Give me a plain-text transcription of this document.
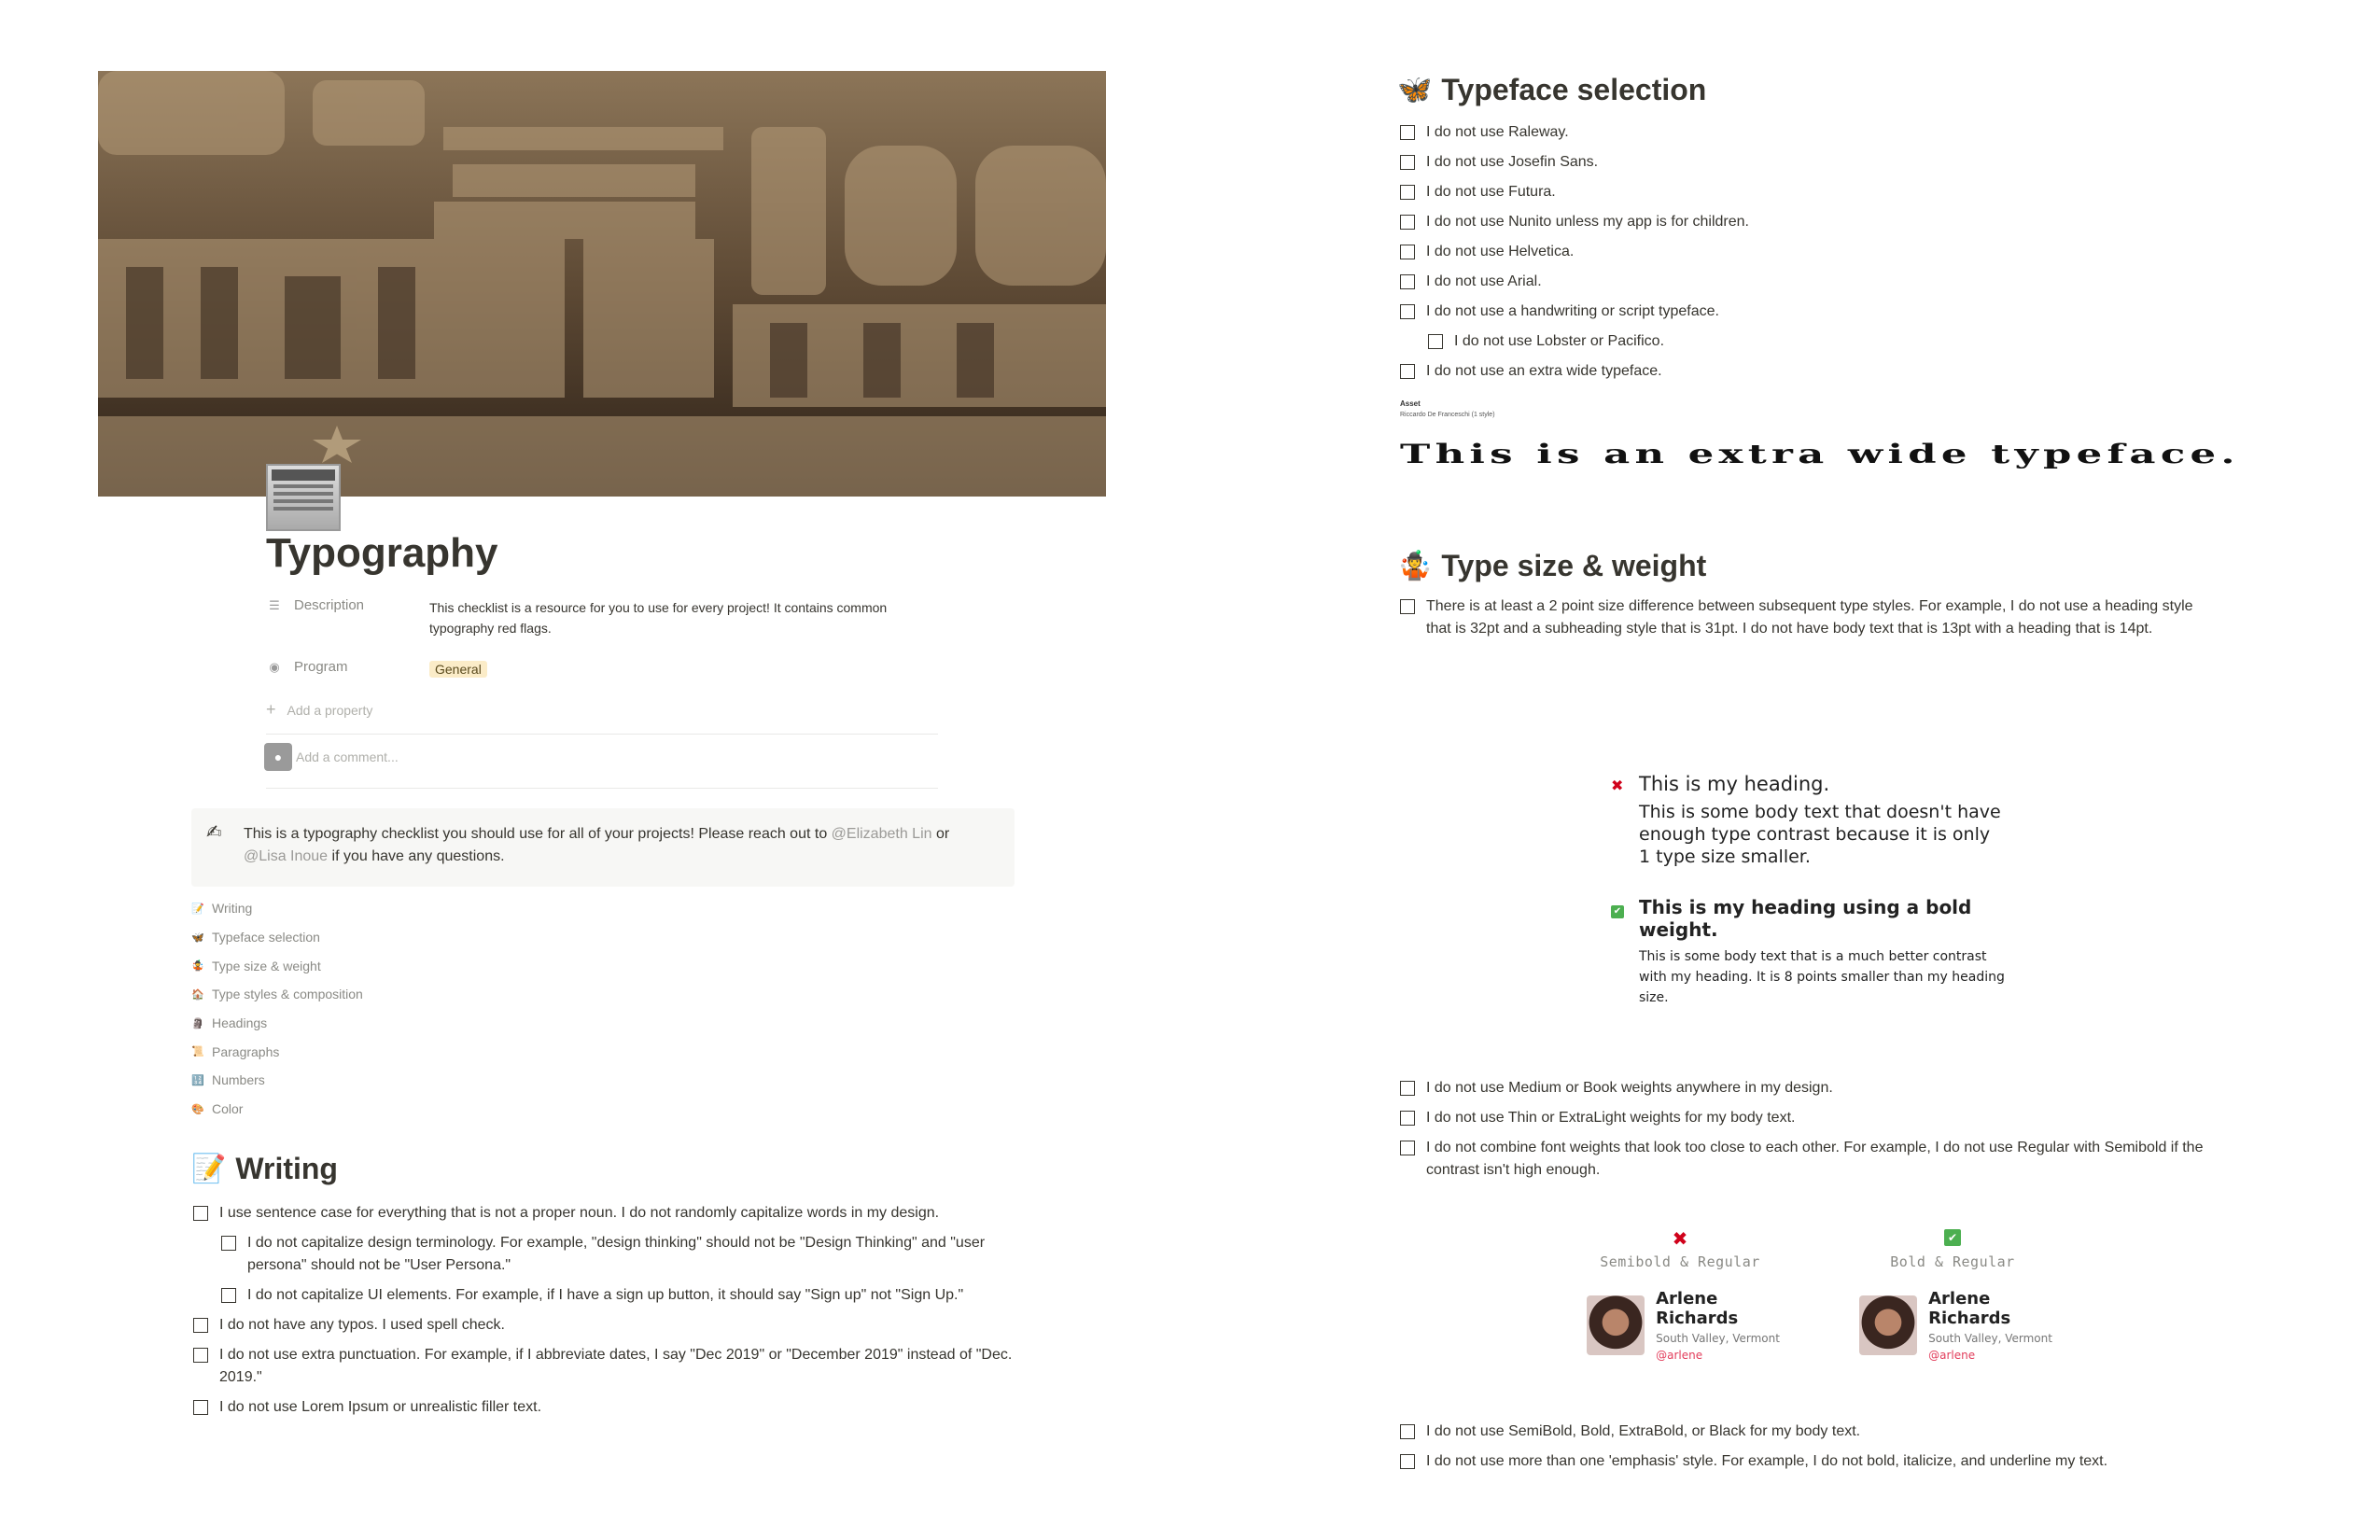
Typography
☰ Description	This checklist is a resource for you to use for every project! It contains common typography red flags.
◉ Program	General
+ Add a property
●	Add a comment...
✍ This is a typography checklist you should use for all of your projects! Please reach out to @Elizabeth Lin or
@Lisa Inoue if you have any questions.
📝 Writing
🦋 Typeface selection
🤹 Type size & weight
🏠 Type styles & composition
🗿 Headings
📜 Paragraphs
🔢 Numbers
🎨 Color
📝 Writing
I use sentence case for everything that is not a proper noun. I do not randomly capitalize words in my design.
I do not capitalize design terminology. For example, "design thinking" should not be "Design Thinking" and "user persona" should not be "User Persona."
I do not capitalize UI elements. For example, if I have a sign up button, it should say "Sign up" not "Sign Up."
I do not have any typos. I used spell check.
I do not use extra punctuation. For example, if I abbreviate dates, I say "Dec 2019" or "December 2019" instead of "Dec. 2019."
I do not use Lorem Ipsum or unrealistic filler text.
🦋 Typeface selection
I do not use Raleway.
I do not use Josefin Sans.
I do not use Futura.
I do not use Nunito unless my app is for children.
I do not use Helvetica.
I do not use Arial.
I do not use a handwriting or script typeface.
I do not use Lobster or Pacifico.
I do not use an extra wide typeface.
Asset
Riccardo De Franceschi (1 style)
This is an extra wide typeface.
🤹 Type size & weight
There is at least a 2 point size difference between subsequent type styles. For example, I do not use a heading style that is 32pt and a subheading style that is 31pt. I do not have body text that is 13pt with a heading that is 14pt.
✖ This is my heading.
This is some body text that doesn't have enough type contrast because it is only 1 type size smaller.
✔ This is my heading using a bold weight.
This is some body text that is a much better contrast with my heading. It is 8 points smaller than my heading size.
I do not use Medium or Book weights anywhere in my design.
I do not use Thin or ExtraLight weights for my body text.
I do not combine font weights that look too close to each other. For example, I do not use Regular with Semibold if the contrast isn't high enough.
✖
Semibold & Regular
Arlene Richards
South Valley, Vermont
@arlene
✔
Bold & Regular
Arlene Richards
South Valley, Vermont
@arlene
I do not use SemiBold, Bold, ExtraBold, or Black for my body text.
I do not use more than one 'emphasis' style. For example, I do not bold, italicize, and underline my text.
